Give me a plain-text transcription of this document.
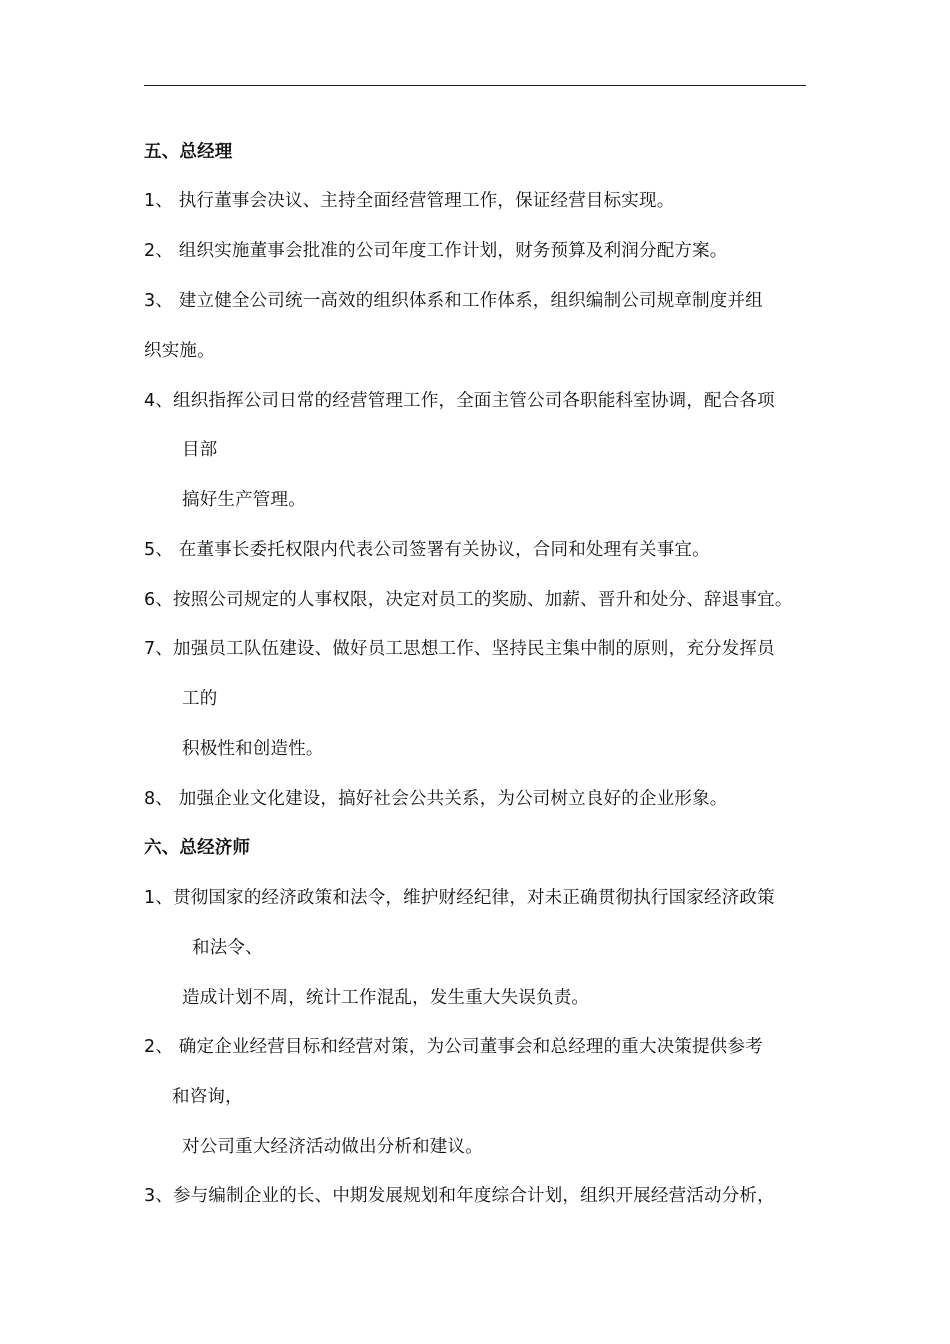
五、总经理
1、 执行董事会决议、主持全面经营管理工作，保证经营目标实现。
2、 组织实施董事会批准的公司年度工作计划，财务预算及利润分配方案。
3、 建立健全公司统一高效的组织体系和工作体系，组织编制公司规章制度并组
织实施。
4、组织指挥公司日常的经营管理工作，全面主管公司各职能科室协调，配合各项
目部
搞好生产管理。
5、 在董事长委托权限内代表公司签署有关协议，合同和处理有关事宜。
6、按照公司规定的人事权限，决定对员工的奖励、加薪、晋升和处分、辞退事宜。
7、加强员工队伍建设、做好员工思想工作、坚持民主集中制的原则，充分发挥员
工的
积极性和创造性。
8、 加强企业文化建设，搞好社会公共关系，为公司树立良好的企业形象。
六、总经济师
1、贯彻国家的经济政策和法令，维护财经纪律，对未正确贯彻执行国家经济政策
和法令、
造成计划不周，统计工作混乱，发生重大失误负责。
2、 确定企业经营目标和经营对策，为公司董事会和总经理的重大决策提供参考
和咨询，
对公司重大经济活动做出分析和建议。
3、参与编制企业的长、中期发展规划和年度综合计划，组织开展经营活动分析，
